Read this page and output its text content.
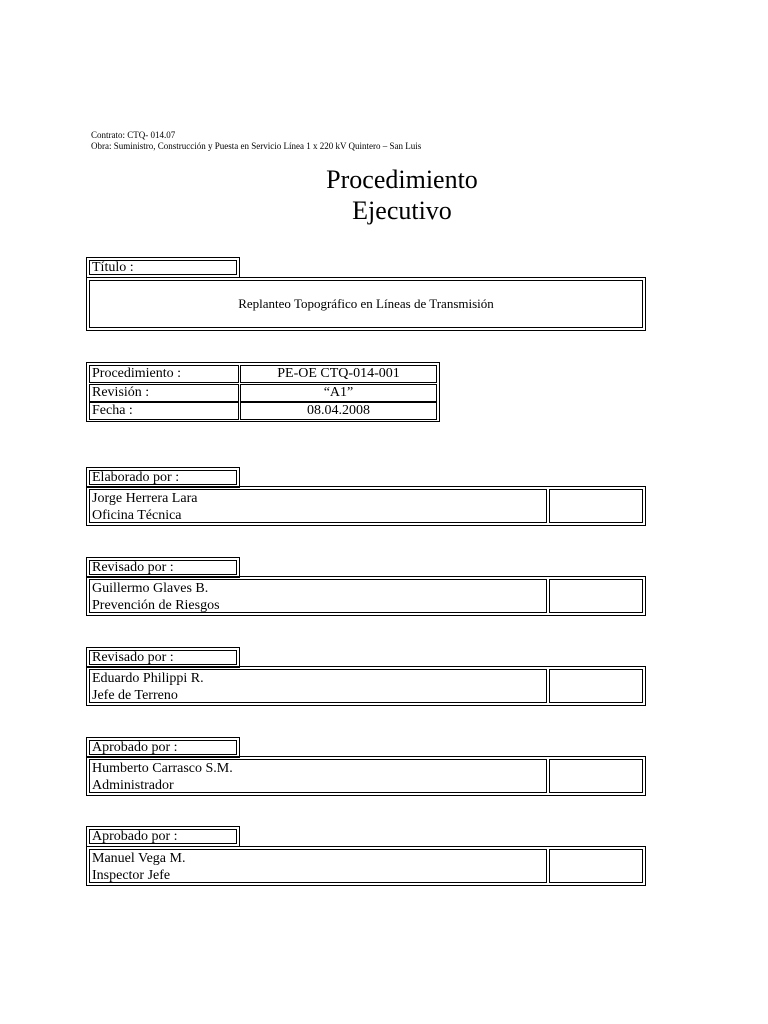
Contrato: CTQ- 014.07
Obra: Suministro, Construcción y Puesta en Servicio Línea 1 x 220 kV Quintero – San Luis
Procedimiento
Ejecutivo
Título :
Replanteo Topográfico en Líneas de Transmisión
Procedimiento :	PE-OE CTQ-014-001
Revisión :	“A1”
Fecha :	08.04.2008
Elaborado por :
Jorge Herrera Lara
Oficina Técnica
Revisado por :
Guillermo Glaves B.
Prevención de Riesgos
Revisado por :
Eduardo Philippi R.
Jefe de Terreno
Aprobado por :
Humberto Carrasco S.M.
Administrador
Aprobado por :
Manuel Vega M.
Inspector Jefe
